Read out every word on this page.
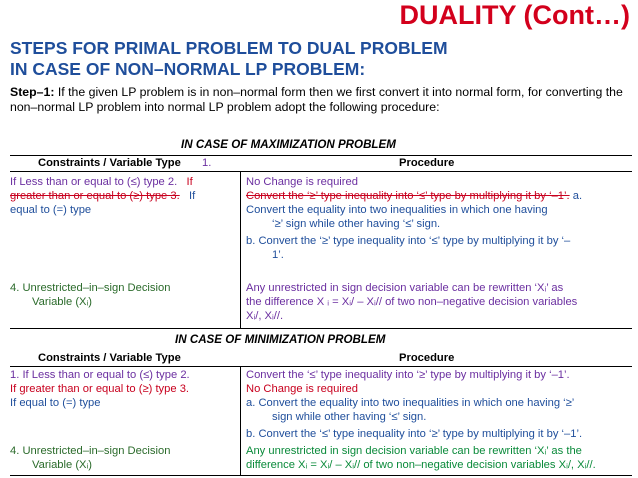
DUALITY (Cont…)
STEPS FOR PRIMAL PROBLEM TO DUAL PROBLEM
IN CASE OF NON–NORMAL LP PROBLEM:
Step–1: If the given LP problem is in non–normal form then we first convert it into normal form, for converting the non–normal LP problem into normal LP problem adopt the following procedure:
IN CASE OF MAXIMIZATION PROBLEM
Constraints / Variable Type 1.	Procedure
If Less than or equal to (≤) type 2. If
greater than or equal to (≥) type 3. If
equal to (=) type
4. Unrestricted–in–sign Decision
Variable (Xᵢ)
No Change is required
Convert the ‘≥’ type inequality into ‘≤’ type by multiplying it by ‘–1’. a.
Convert the equality into two inequalities in which one having
‘≥’ sign while other having ‘≤’ sign.
b. Convert the ‘≥’ type inequality into ‘≤’ type by multiplying it by ‘–
1’.
Any unrestricted in sign decision variable can be rewritten ‘Xᵢ’ as
the difference X ᵢ = Xᵢ/ – Xᵢ// of two non–negative decision variables
Xᵢ/, Xᵢ//.
IN CASE OF MINIMIZATION PROBLEM
Constraints / Variable Type	Procedure
1. If Less than or equal to (≤) type 2.
If greater than or equal to (≥) type 3.
If equal to (=) type
4. Unrestricted–in–sign Decision
Variable (Xᵢ)
Convert the ‘≤’ type inequality into ‘≥’ type by multiplying it by ‘–1’.
No Change is required
a. Convert the equality into two inequalities in which one having ‘≥’
sign while other having ‘≤’ sign.
b. Convert the ‘≤’ type inequality into ‘≥’ type by multiplying it by ‘–1’.
Any unrestricted in sign decision variable can be rewritten ‘Xᵢ’ as the
difference Xᵢ = Xᵢ/ – Xᵢ// of two non–negative decision variables Xᵢ/, Xᵢ//.
